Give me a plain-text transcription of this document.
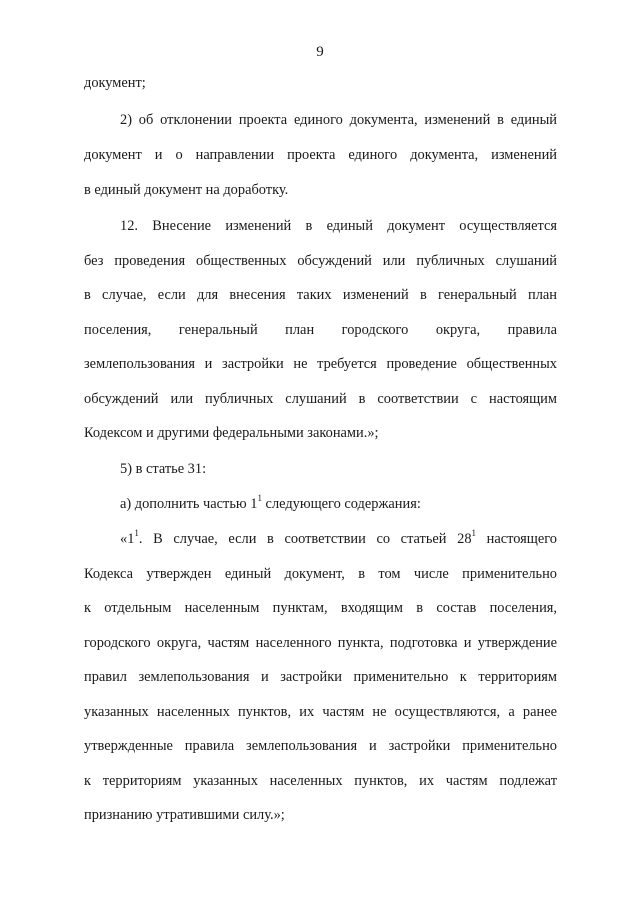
9
документ;
2) об отклонении проекта единого документа, изменений в единый
документ и о направлении проекта единого документа, изменений
в единый документ на доработку.
12. Внесение изменений в единый документ осуществляется
без проведения общественных обсуждений или публичных слушаний
в случае, если для внесения таких изменений в генеральный план
поселения, генеральный план городского округа, правила
землепользования и застройки не требуется проведение общественных
обсуждений или публичных слушаний в соответствии с настоящим
Кодексом и другими федеральными законами.»;
5) в статье 31:
а) дополнить частью $1^1$ следующего содержания:
«$1^1$. В случае, если в соответствии со статьей $28^1$ настоящего
Кодекса утвержден единый документ, в том числе применительно
к отдельным населенным пунктам, входящим в состав поселения,
городского округа, частям населенного пункта, подготовка и утверждение
правил землепользования и застройки применительно к территориям
указанных населенных пунктов, их частям не осуществляются, а ранее
утвержденные правила землепользования и застройки применительно
к территориям указанных населенных пунктов, их частям подлежат
признанию утратившими силу.»;
